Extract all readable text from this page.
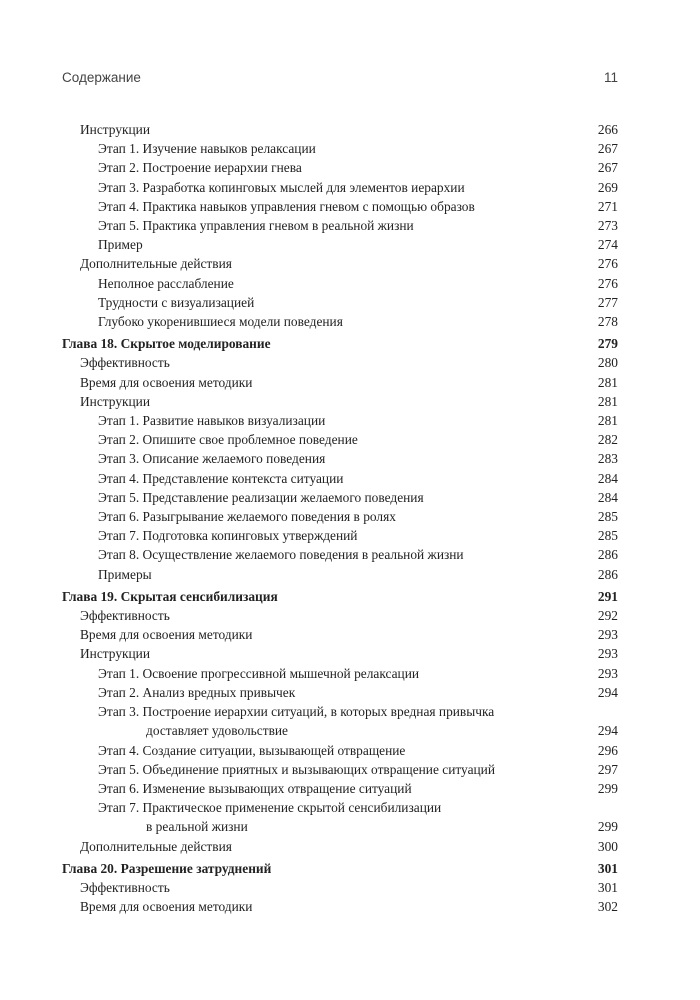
Содержание	11
Инструкции	266
Этап 1. Изучение навыков релаксации	267
Этап 2. Построение иерархии гнева	267
Этап 3. Разработка копинговых мыслей для элементов иерархии	269
Этап 4. Практика навыков управления гневом с помощью образов	271
Этап 5. Практика управления гневом в реальной жизни	273
Пример	274
Дополнительные действия	276
Неполное расслабление	276
Трудности с визуализацией	277
Глубоко укоренившиеся модели поведения	278
Глава 18. Скрытое моделирование	279
Эффективность	280
Время для освоения методики	281
Инструкции	281
Этап 1. Развитие навыков визуализации	281
Этап 2. Опишите свое проблемное поведение	282
Этап 3. Описание желаемого поведения	283
Этап 4. Представление контекста ситуации	284
Этап 5. Представление реализации желаемого поведения	284
Этап 6. Разыгрывание желаемого поведения в ролях	285
Этап 7. Подготовка копинговых утверждений	285
Этап 8. Осуществление желаемого поведения в реальной жизни	286
Примеры	286
Глава 19. Скрытая сенсибилизация	291
Эффективность	292
Время для освоения методики	293
Инструкции	293
Этап 1. Освоение прогрессивной мышечной релаксации	293
Этап 2. Анализ вредных привычек	294
Этап 3. Построение иерархии ситуаций, в которых вредная привычка
доставляет удовольствие	294
Этап 4. Создание ситуации, вызывающей отвращение	296
Этап 5. Объединение приятных и вызывающих отвращение ситуаций	297
Этап 6. Изменение вызывающих отвращение ситуаций	299
Этап 7. Практическое применение скрытой сенсибилизации
в реальной жизни	299
Дополнительные действия	300
Глава 20. Разрешение затруднений	301
Эффективность	301
Время для освоения методики	302
